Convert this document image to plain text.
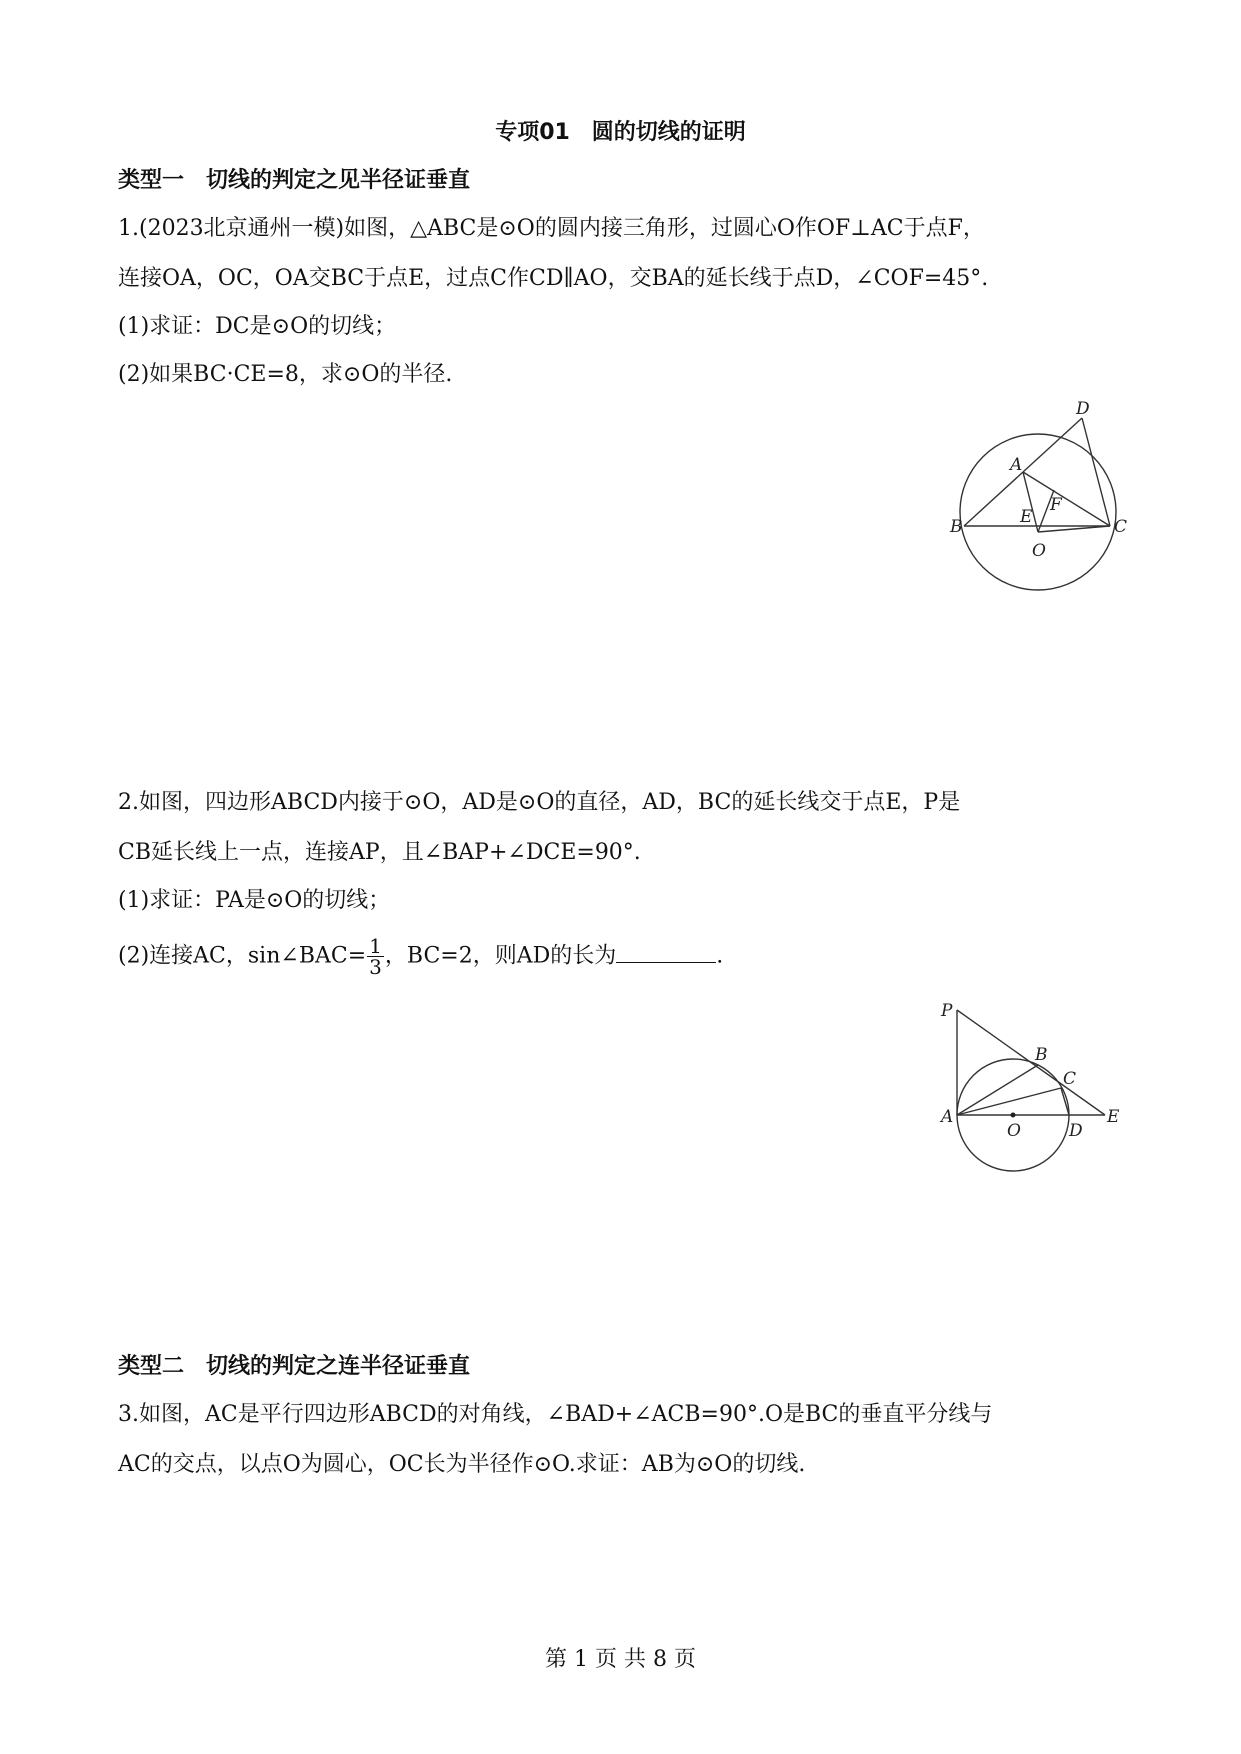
专项01　圆的切线的证明
类型一　切线的判定之见半径证垂直
1.(2023北京通州一模)如图，△ABC是⊙O的圆内接三角形，过圆心O作OF⊥AC于点F，
连接OA，OC，OA交BC于点E，过点C作CD∥AO，交BA的延长线于点D，∠COF=45°.
(1)求证：DC是⊙O的切线；
(2)如果BC·CE=8，求⊙O的半径.
D
A
B	C
E
F
O
2.如图，四边形ABCD内接于⊙O，AD是⊙O的直径，AD，BC的延长线交于点E，P是
CB延长线上一点，连接AP，且∠BAP+∠DCE=90°.
(1)求证：PA是⊙O的切线；
(2)连接AC，sin∠BAC= $\frac{1}{3}$ ，BC=2，则AD的长为	.
P
B
C
A
O	D
E
类型二　切线的判定之连半径证垂直
3.如图，AC是平行四边形ABCD的对角线，∠BAD+∠ACB=90°.O是BC的垂直平分线与
AC的交点，以点O为圆心，OC长为半径作⊙O.求证：AB为⊙O的切线.
第 1 页 共 8 页
